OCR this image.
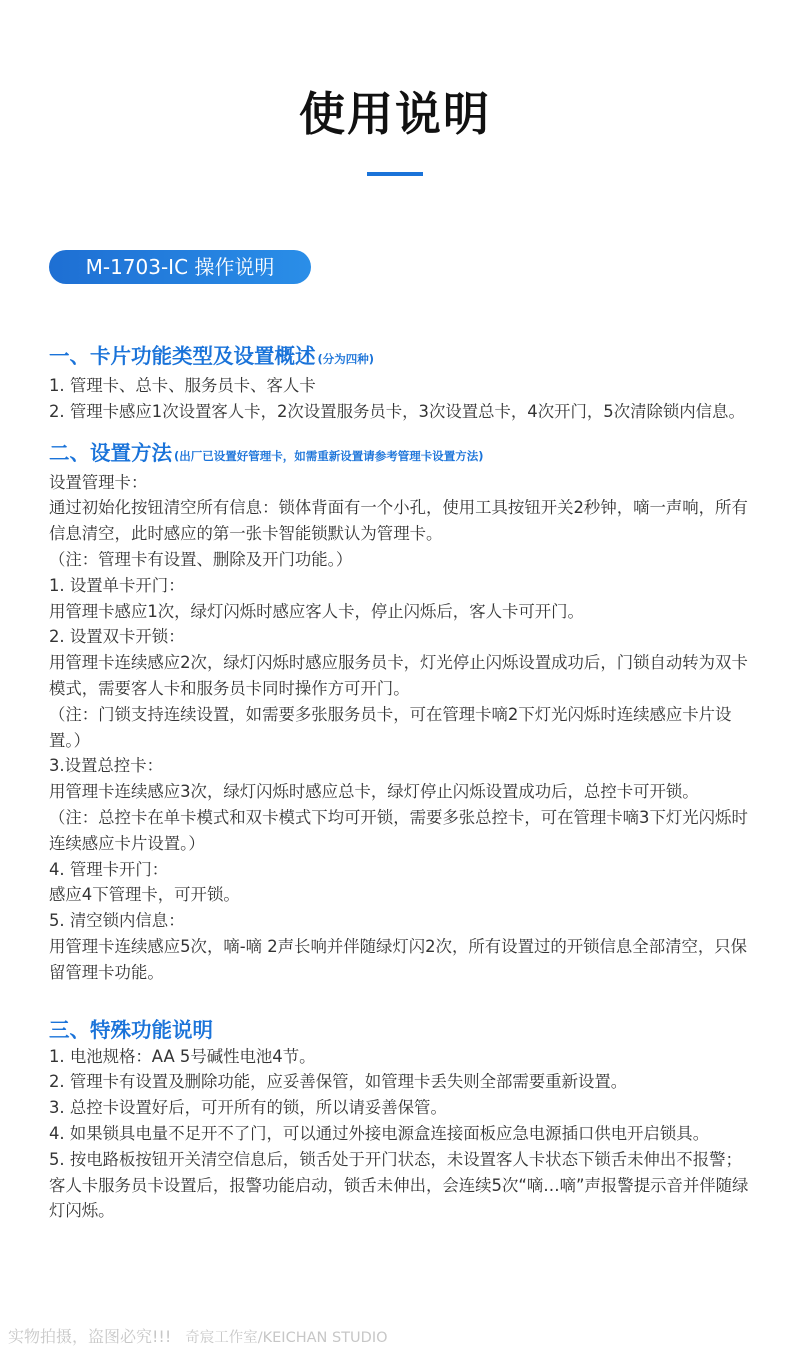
使用说明
M-1703-IC 操作说明
一、卡片功能类型及设置概述 (分为四种)

1. 管理卡、总卡、服务员卡、客人卡

2. 管理卡感应1次设置客人卡，2次设置服务员卡，3次设置总卡，4次开门，5次清除锁内信息。

二、设置方法 (出厂已设置好管理卡，如需重新设置请参考管理卡设置方法)

设置管理卡：

通过初始化按钮清空所有信息：锁体背面有一个小孔，使用工具按钮开关2秒钟，嘀一声响，所有信息清空，此时感应的第一张卡智能锁默认为管理卡。

（注：管理卡有设置、删除及开门功能。）

1. 设置单卡开门：

用管理卡感应1次，绿灯闪烁时感应客人卡，停止闪烁后，客人卡可开门。

2. 设置双卡开锁：

用管理卡连续感应2次，绿灯闪烁时感应服务员卡，灯光停止闪烁设置成功后，门锁自动转为双卡模式，需要客人卡和服务员卡同时操作方可开门。

（注：门锁支持连续设置，如需要多张服务员卡，可在管理卡嘀2下灯光闪烁时连续感应卡片设置。）

3.设置总控卡：

用管理卡连续感应3次，绿灯闪烁时感应总卡，绿灯停止闪烁设置成功后，总控卡可开锁。

（注：总控卡在单卡模式和双卡模式下均可开锁，需要多张总控卡，可在管理卡嘀3下灯光闪烁时连续感应卡片设置。）

4. 管理卡开门：

感应4下管理卡，可开锁。

5. 清空锁内信息：

用管理卡连续感应5次，嘀-嘀 2声长响并伴随绿灯闪2次，所有设置过的开锁信息全部清空，只保留管理卡功能。

三、特殊功能说明

1. 电池规格：AA 5号碱性电池4节。

2. 管理卡有设置及删除功能，应妥善保管，如管理卡丢失则全部需要重新设置。

3. 总控卡设置好后，可开所有的锁，所以请妥善保管。

4. 如果锁具电量不足开不了门，可以通过外接电源盒连接面板应急电源插口供电开启锁具。

5. 按电路板按钮开关清空信息后，锁舌处于开门状态，未设置客人卡状态下锁舌未伸出不报警；客人卡服务员卡设置后，报警功能启动，锁舌未伸出，会连续5次“嘀…嘀”声报警提示音并伴随绿灯闪烁。

实物拍摄，盗图必究!!! 奇宸工作室/KEICHAN STUDIO
